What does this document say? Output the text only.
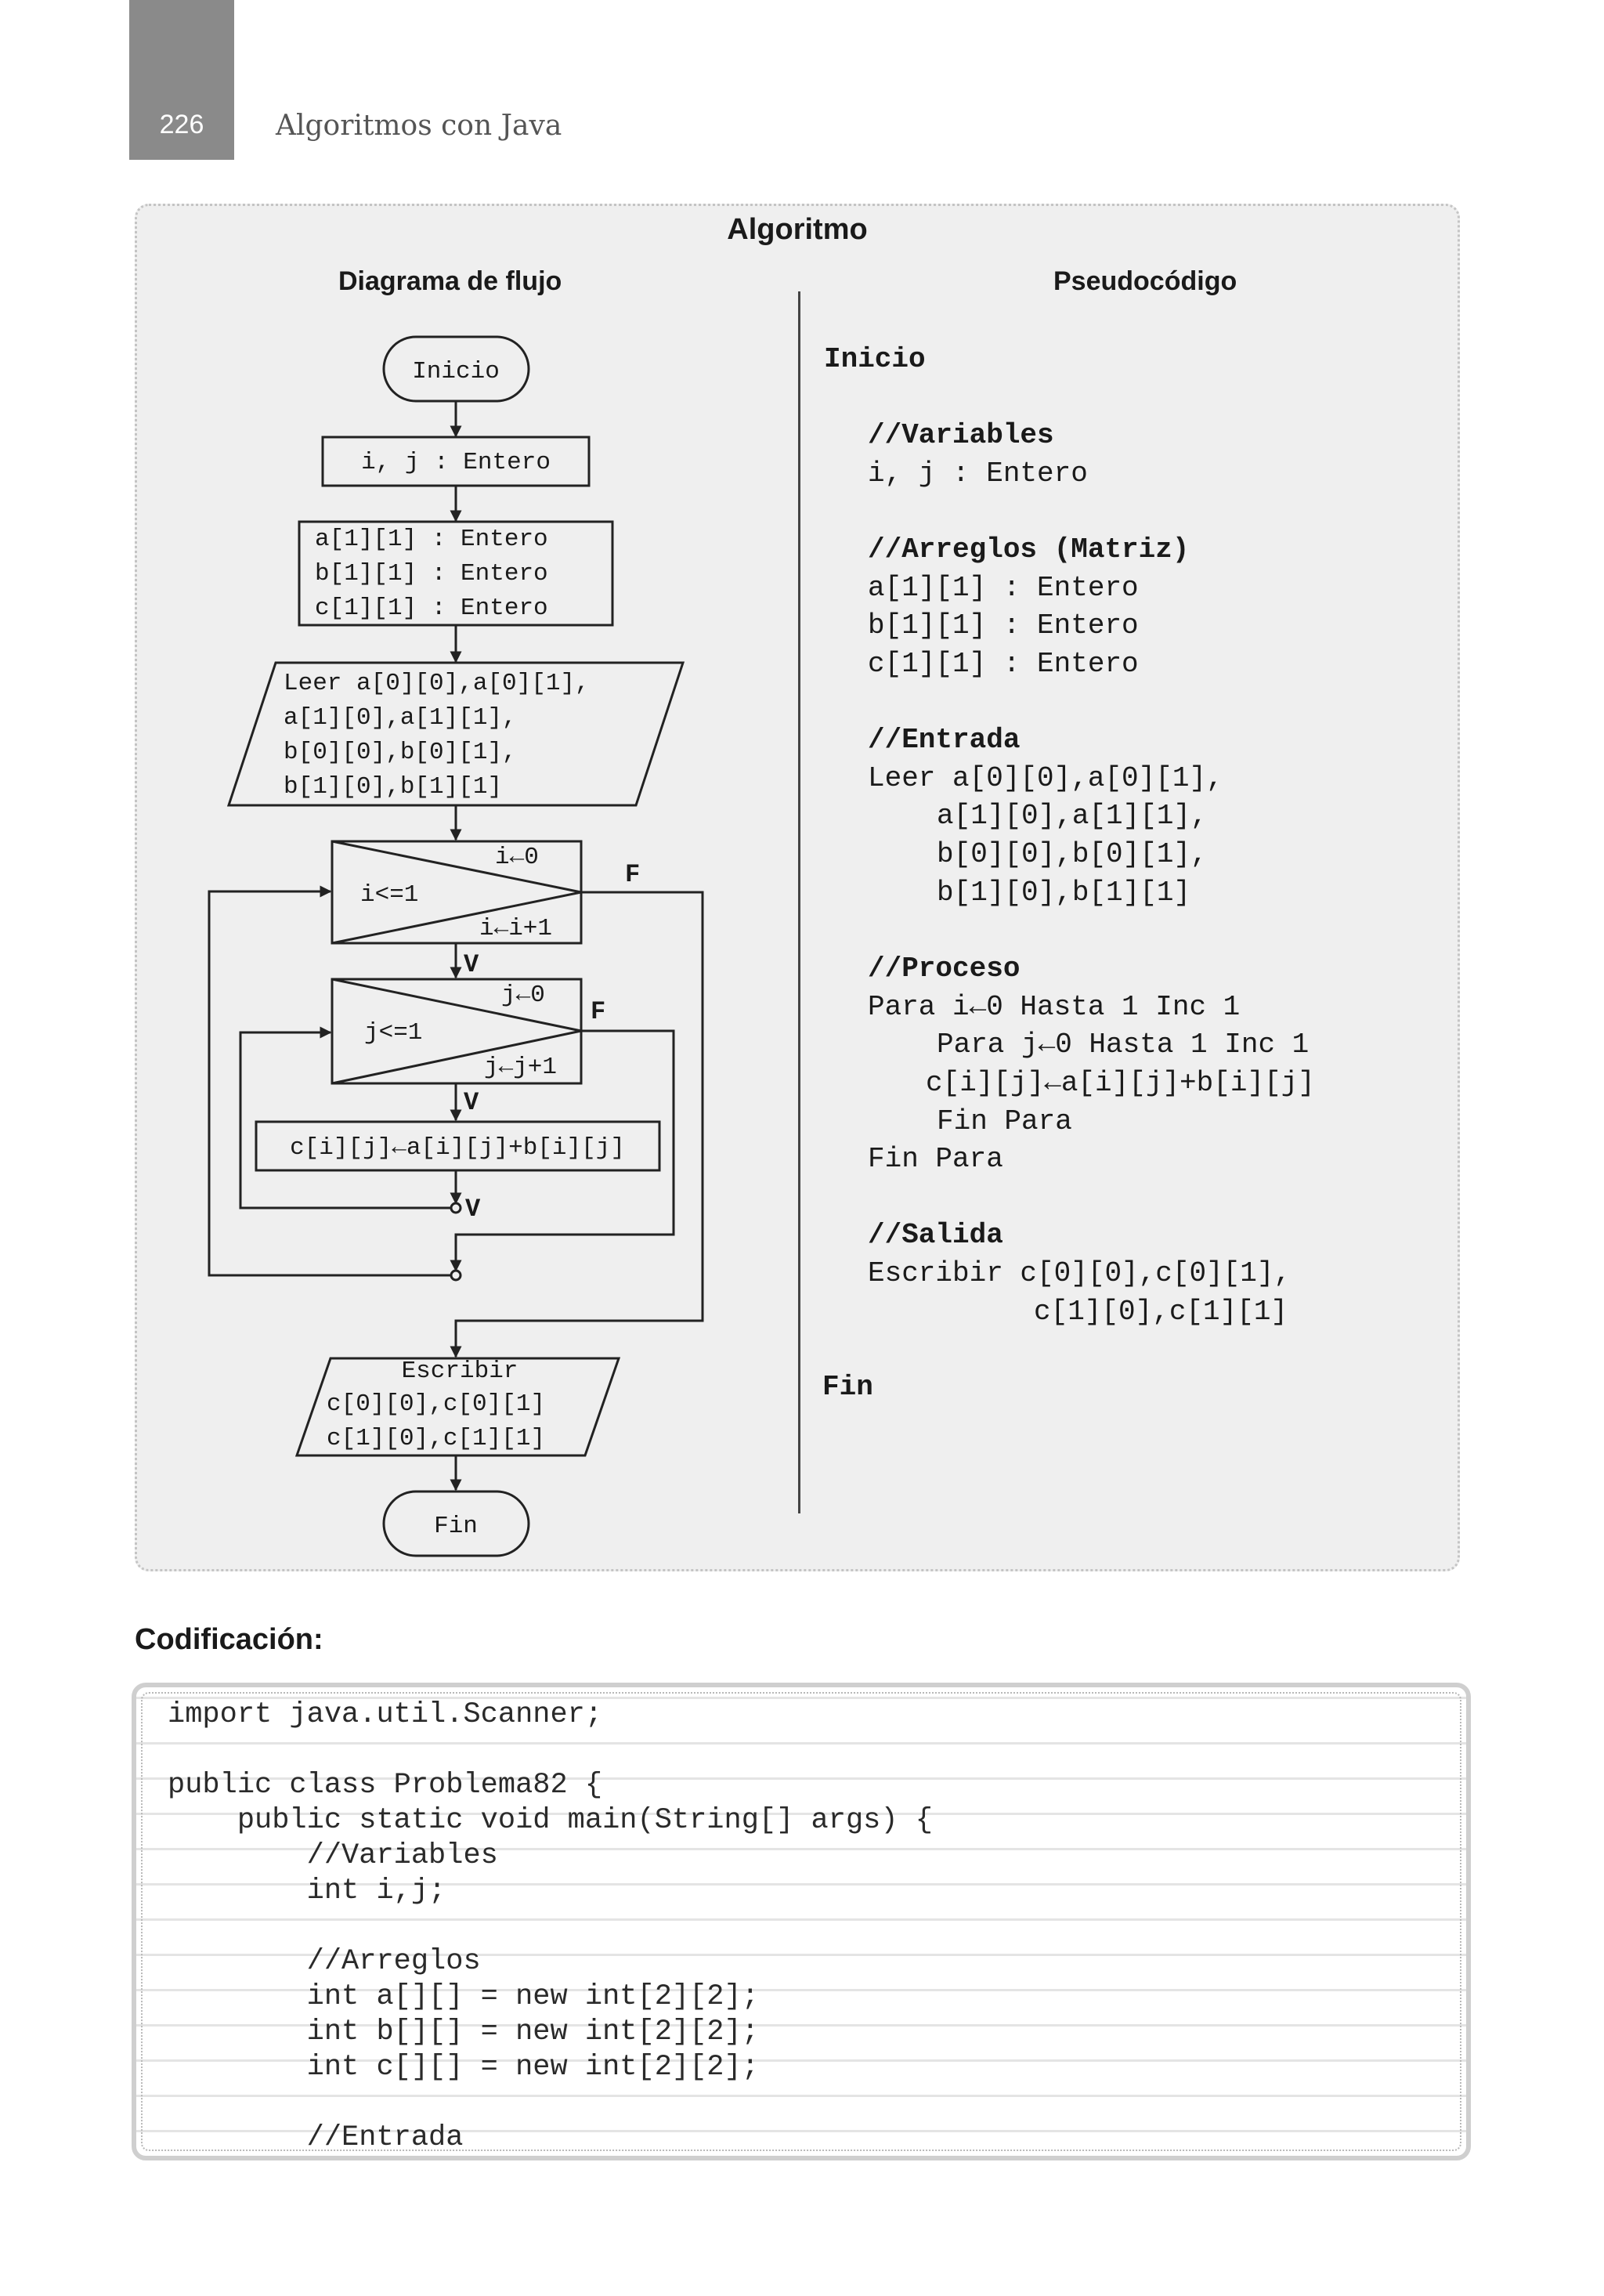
226	Algoritmos con Java
Algoritmo
Diagrama de flujo	Pseudocódigo
Inicio
i, j : Entero
a[1][1] : Entero
b[1][1] : Entero
c[1][1] : Entero
Leer a[0][0],a[0][1],
a[1][0],a[1][1],
b[0][0],b[0][1],
b[1][0],b[1][1]
i←0
i<=1
i←i+1
F
V
j←0
j<=1
j←j+1
F
V
c[i][j]←a[i][j]+b[i][j]
V
Escribir
c[0][0],c[0][1]
c[1][0],c[1][1]
Fin
Inicio
//Variables
i, j : Entero
//Arreglos (Matriz)
a[1][1] : Entero
b[1][1] : Entero
c[1][1] : Entero
//Entrada
Leer a[0][0],a[0][1],
a[1][0],a[1][1],
b[0][0],b[0][1],
b[1][0],b[1][1]
//Proceso
Para i←0 Hasta 1 Inc 1
Para j←0 Hasta 1 Inc 1
c[i][j]←a[i][j]+b[i][j]
Fin Para
Fin Para
//Salida
Escribir c[0][0],c[0][1],
c[1][0],c[1][1]
Fin
Codificación:
import java.util.Scanner;
public class Problema82 {
public static void main(String[] args) {
//Variables
int i,j;
//Arreglos
int a[][] = new int[2][2];
int b[][] = new int[2][2];
int c[][] = new int[2][2];
//Entrada
